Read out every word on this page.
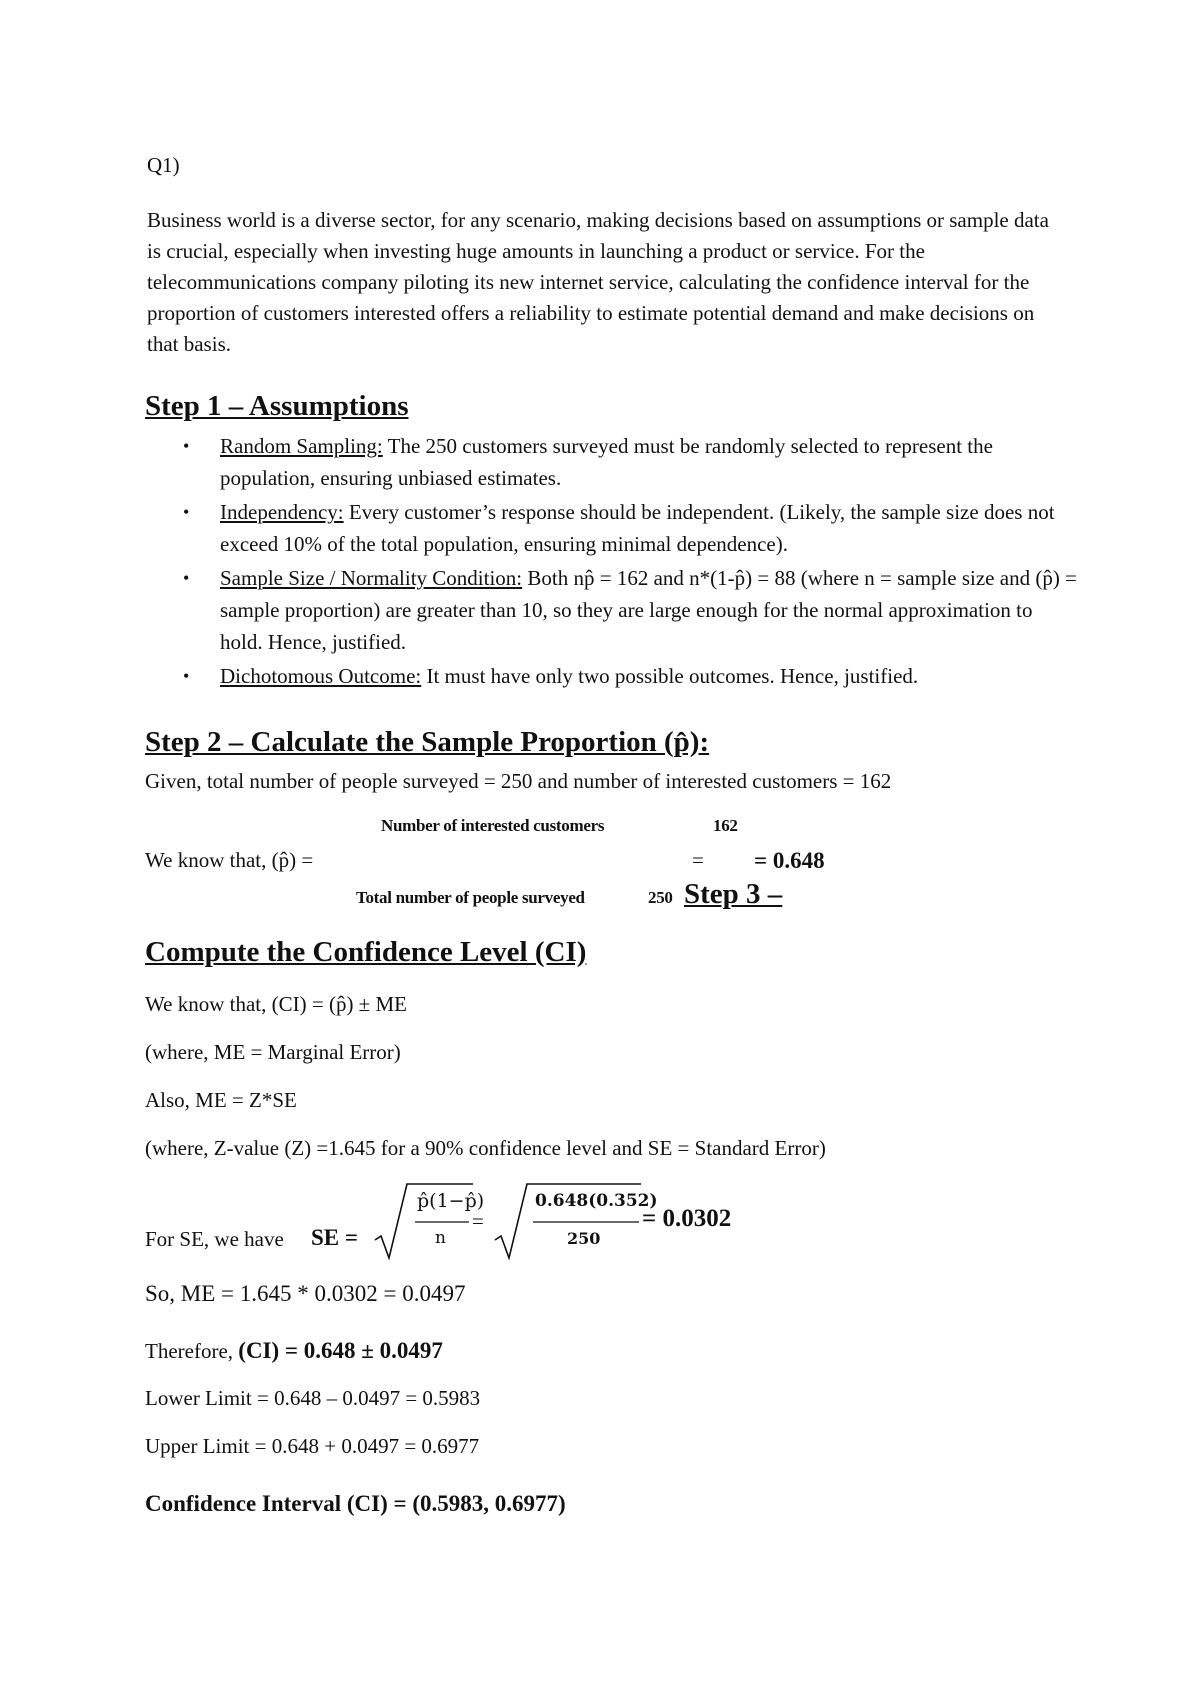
Q1)
Business world is a diverse sector, for any scenario, making decisions based on assumptions or sample data is crucial, especially when investing huge amounts in launching a product or service. For the telecommunications company piloting its new internet service, calculating the confidence interval for the proportion of customers interested offers a reliability to estimate potential demand and make decisions on that basis.
Step 1 – Assumptions
• Random Sampling: The 250 customers surveyed must be randomly selected to represent the population, ensuring unbiased estimates.
• Independency: Every customer’s response should be independent. (Likely, the sample size does not exceed 10% of the total population, ensuring minimal dependence).
• Sample Size / Normality Condition: Both np̂ = 162 and n*(1-p̂) = 88 (where n = sample size and (p̂) = sample proportion) are greater than 10, so they are large enough for the normal approximation to hold. Hence, justified.
• Dichotomous Outcome: It must have only two possible outcomes. Hence, justified.
Step 2 – Calculate the Sample Proportion (p̂):
Given, total number of people surveyed = 250 and number of interested customers = 162
Number of interested customers	162
We know that, (p̂) =	= = 0.648
Total number of people surveyed	250 Step 3 –
Compute the Confidence Level (CI)
We know that, (CI) = (p̂) ± ME
(where, ME = Marginal Error)
Also, ME = Z*SE
(where, Z-value (Z) =1.645 for a 90% confidence level and SE = Standard Error)
For SE, we have SE =
p̂(1−p̂)
n
=
0.648(0.352)
250
= 0.0302
So, ME = 1.645 * 0.0302 = 0.0497
Therefore, (CI) = 0.648 ± 0.0497
Lower Limit = 0.648 – 0.0497 = 0.5983
Upper Limit = 0.648 + 0.0497 = 0.6977
Confidence Interval (CI) = (0.5983, 0.6977)
